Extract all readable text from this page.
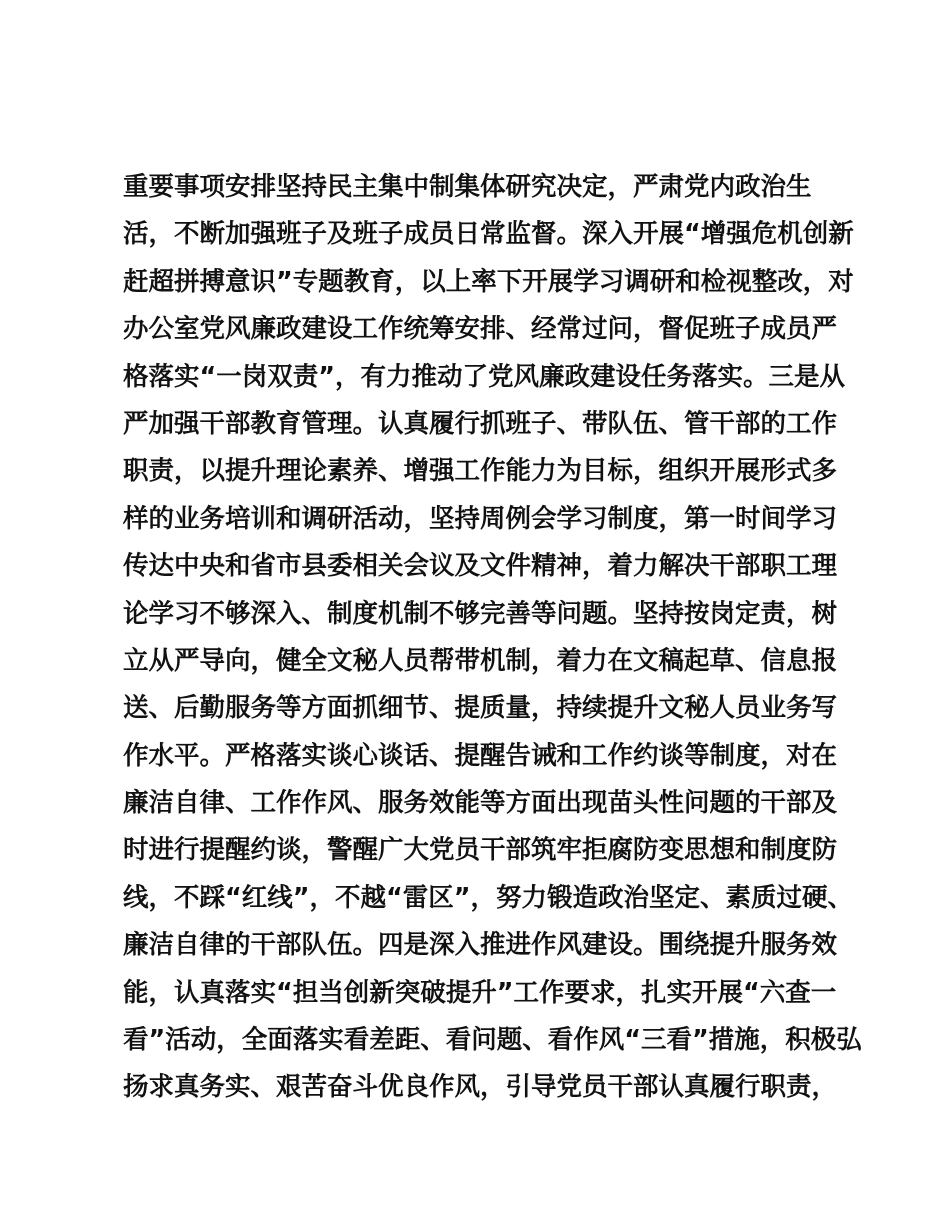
重要事项安排坚持民主集中制集体研究决定，严肃党内政治生
活，不断加强班子及班子成员日常监督。深入开展“增强危机创新
赶超拼搏意识”专题教育，以上率下开展学习调研和检视整改，对
办公室党风廉政建设工作统筹安排、经常过问，督促班子成员严
格落实“一岗双责”，有力推动了党风廉政建设任务落实。三是从
严加强干部教育管理。认真履行抓班子、带队伍、管干部的工作
职责，以提升理论素养、增强工作能力为目标，组织开展形式多
样的业务培训和调研活动，坚持周例会学习制度，第一时间学习
传达中央和省市县委相关会议及文件精神，着力解决干部职工理
论学习不够深入、制度机制不够完善等问题。坚持按岗定责，树
立从严导向，健全文秘人员帮带机制，着力在文稿起草、信息报
送、后勤服务等方面抓细节、提质量，持续提升文秘人员业务写
作水平。严格落实谈心谈话、提醒告诫和工作约谈等制度，对在
廉洁自律、工作作风、服务效能等方面出现苗头性问题的干部及
时进行提醒约谈，警醒广大党员干部筑牢拒腐防变思想和制度防
线，不踩“红线”，不越“雷区”，努力锻造政治坚定、素质过硬、
廉洁自律的干部队伍。四是深入推进作风建设。围绕提升服务效
能，认真落实“担当创新突破提升”工作要求，扎实开展“六查一
看”活动，全面落实看差距、看问题、看作风“三看”措施，积极弘
扬求真务实、艰苦奋斗优良作风，引导党员干部认真履行职责，
